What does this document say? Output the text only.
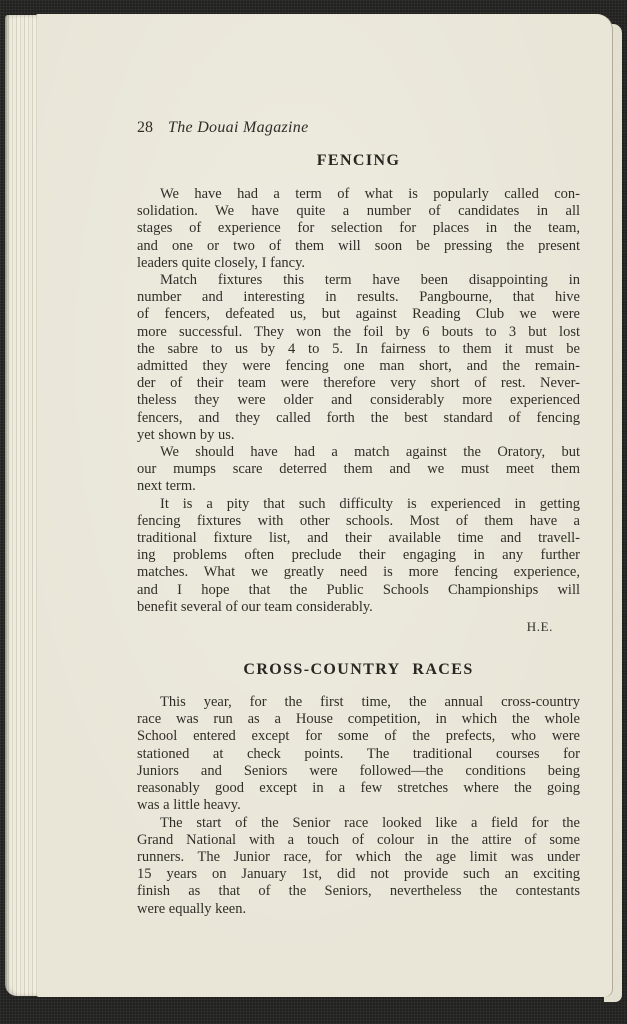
28 The Douai Magazine
FENCING

We have had a term of what is popularly called con-
solidation. We have quite a number of candidates in all
stages of experience for selection for places in the team,
and one or two of them will soon be pressing the present
leaders quite closely, I fancy.

Match fixtures this term have been disappointing in
number and interesting in results. Pangbourne, that hive
of fencers, defeated us, but against Reading Club we were
more successful. They won the foil by 6 bouts to 3 but lost
the sabre to us by 4 to 5. In fairness to them it must be
admitted they were fencing one man short, and the remain-
der of their team were therefore very short of rest. Never-
theless they were older and considerably more experienced
fencers, and they called forth the best standard of fencing
yet shown by us.

We should have had a match against the Oratory, but
our mumps scare deterred them and we must meet them
next term.

It is a pity that such difficulty is experienced in getting
fencing fixtures with other schools. Most of them have a
traditional fixture list, and their available time and travell-
ing problems often preclude their engaging in any further
matches. What we greatly need is more fencing experience,
and I hope that the Public Schools Championships will
benefit several of our team considerably.

H.E.
CROSS-COUNTRY RACES

This year, for the first time, the annual cross-country
race was run as a House competition, in which the whole
School entered except for some of the prefects, who were
stationed at check points. The traditional courses for
Juniors and Seniors were followed—the conditions being
reasonably good except in a few stretches where the going
was a little heavy.

The start of the Senior race looked like a field for the
Grand National with a touch of colour in the attire of some
runners. The Junior race, for which the age limit was under
15 years on January 1st, did not provide such an exciting
finish as that of the Seniors, nevertheless the contestants
were equally keen.
